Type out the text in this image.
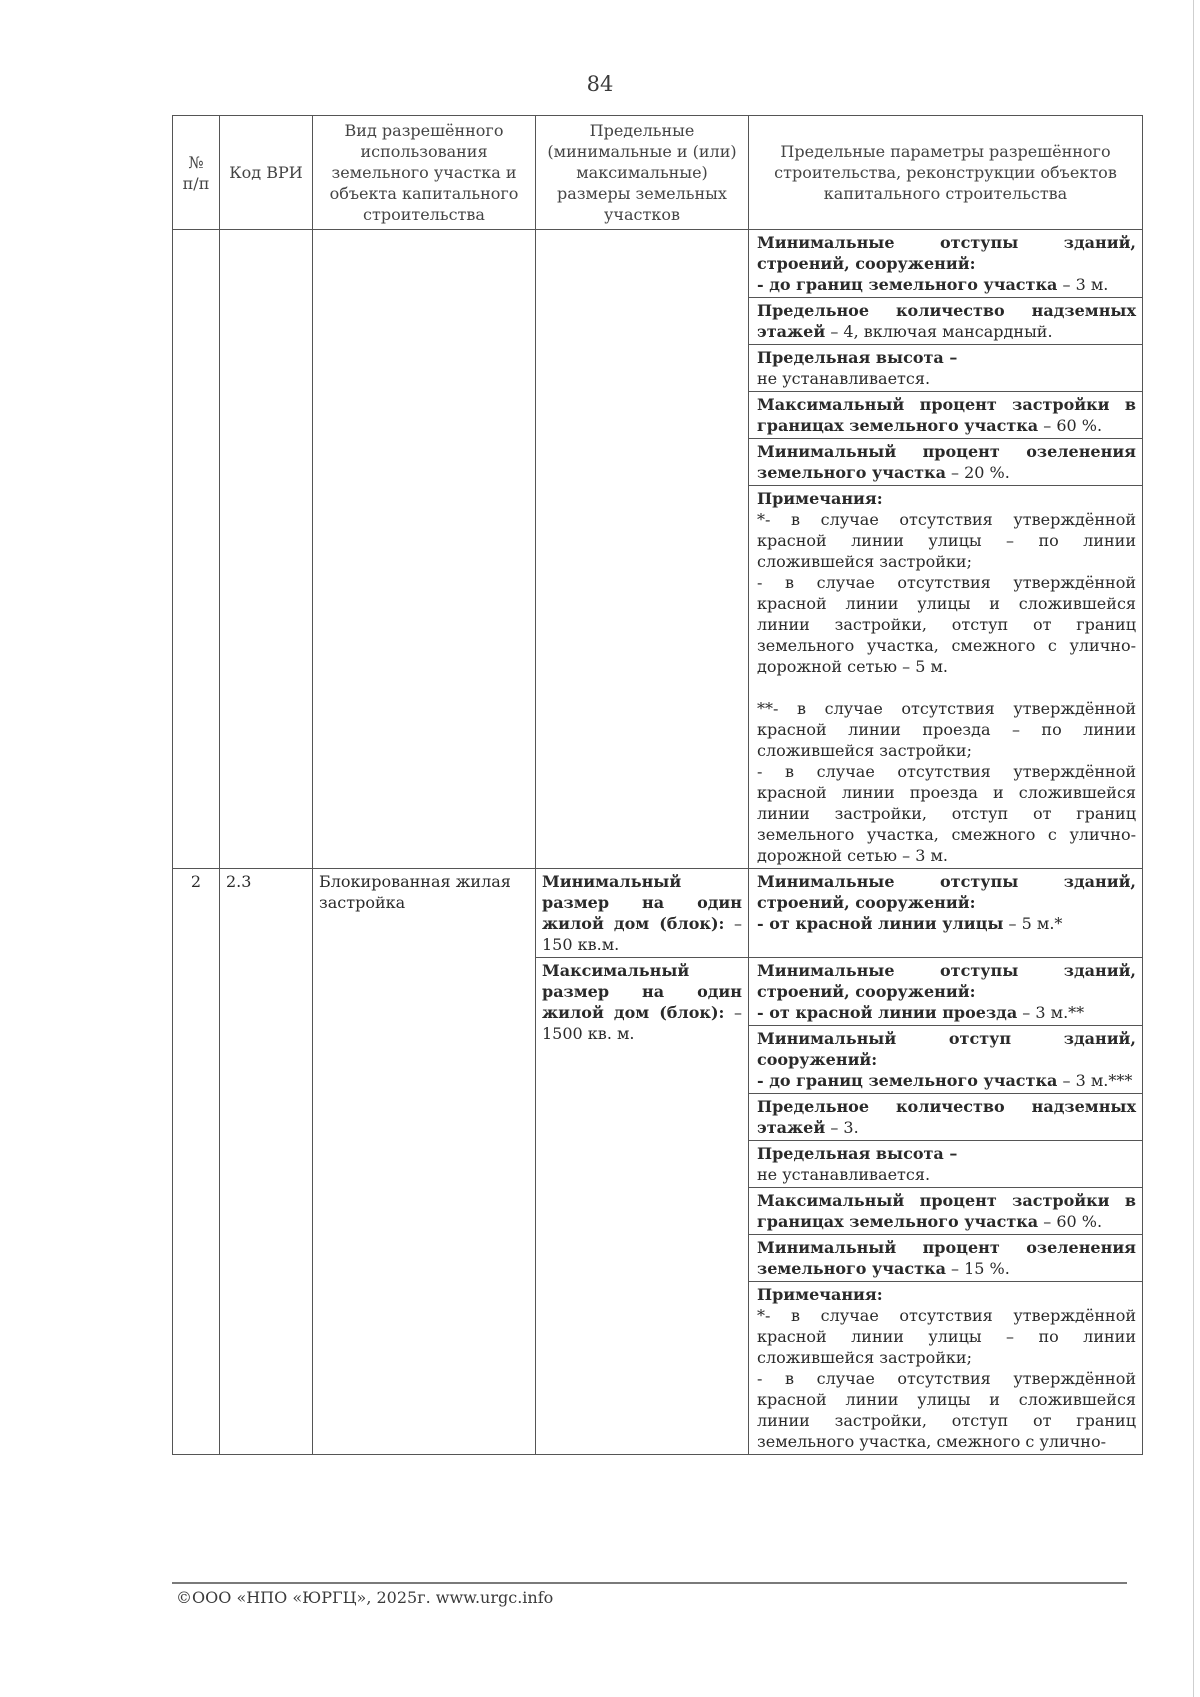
84
№ п/п	Код ВРИ	Вид разрешённого использования земельного участка и объекта капитального строительства	Предельные (минимальные и (или) максимальные) размеры земельных участков	Предельные параметры разрешённого строительства, реконструкции объектов капитального строительства

				Минимальные отступы зданий, строений, сооружений:
- до границ земельного участка – 3 м.

				Предельное количество надземных этажей – 4, включая мансардный.

				Предельная высота –
не устанавливается.

				Максимальный процент застройки в границах земельного участка – 60 %.

				Минимальный процент озеленения земельного участка – 20 %.

				Примечания:
*- в случае отсутствия утверждённой красной линии улицы – по линии сложившейся застройки;
- в случае отсутствия утверждённой красной линии улицы и сложившейся линии застройки, отступ от границ земельного участка, смежного с улично-дорожной сетью – 5 м.
**- в случае отсутствия утверждённой красной линии проезда – по линии сложившейся застройки;
- в случае отсутствия утверждённой красной линии проезда и сложившейся линии застройки, отступ от границ земельного участка, смежного с улично-дорожной сетью – 3 м.

2	2.3	Блокированная жилая застройка	Минимальный размер на один жилой дом (блок): – 150 кв.м.	Минимальные отступы зданий, строений, сооружений:
- от красной линии улицы – 5 м.*

			Максимальный размер на один жилой дом (блок): – 1500 кв. м.	Минимальные отступы зданий, строений, сооружений:
- от красной линии проезда – 3 м.**

				Минимальный отступ зданий, сооружений:
- до границ земельного участка – 3 м.***

				Предельное количество надземных этажей – 3.

				Предельная высота –
не устанавливается.

				Максимальный процент застройки в границах земельного участка – 60 %.

				Минимальный процент озеленения земельного участка – 15 %.

				Примечания:
*- в случае отсутствия утверждённой красной линии улицы – по линии сложившейся застройки;
- в случае отсутствия утверждённой красной линии улицы и сложившейся линии застройки, отступ от границ земельного участка, смежного с улично-
©ООО «НПО «ЮРГЦ», 2025г. www.urgc.info
